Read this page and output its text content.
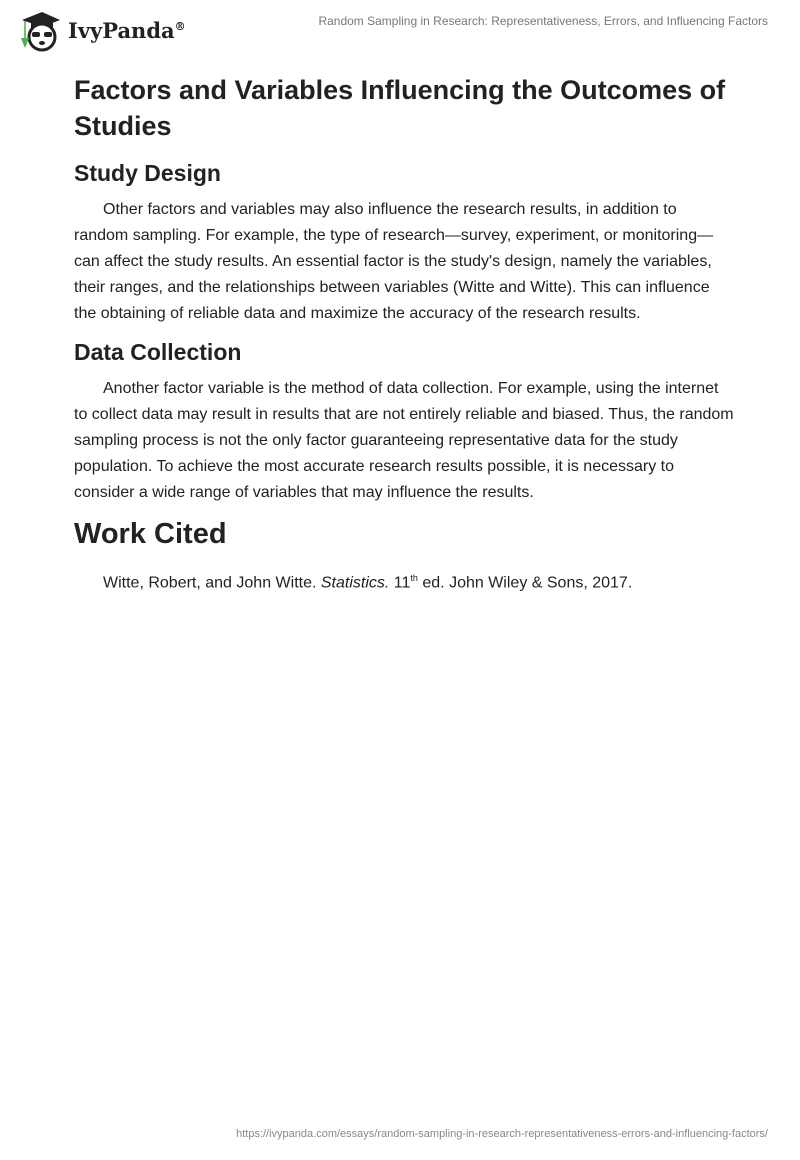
IvyPanda®	Random Sampling in Research: Representativeness, Errors, and Influencing Factors
Factors and Variables Influencing the Outcomes of Studies
Study Design

Other factors and variables may also influence the research results, in addition to random sampling. For example, the type of research—survey, experiment, or monitoring—can affect the study results. An essential factor is the study's design, namely the variables, their ranges, and the relationships between variables (Witte and Witte). This can influence the obtaining of reliable data and maximize the accuracy of the research results.

Data Collection

Another factor variable is the method of data collection. For example, using the internet to collect data may result in results that are not entirely reliable and biased. Thus, the random sampling process is not the only factor guaranteeing representative data for the study population. To achieve the most accurate research results possible, it is necessary to consider a wide range of variables that may influence the results.

Work Cited

Witte, Robert, and John Witte. Statistics. 11th ed. John Wiley & Sons, 2017.

https://ivypanda.com/essays/random-sampling-in-research-representativeness-errors-and-influencing-factors/
